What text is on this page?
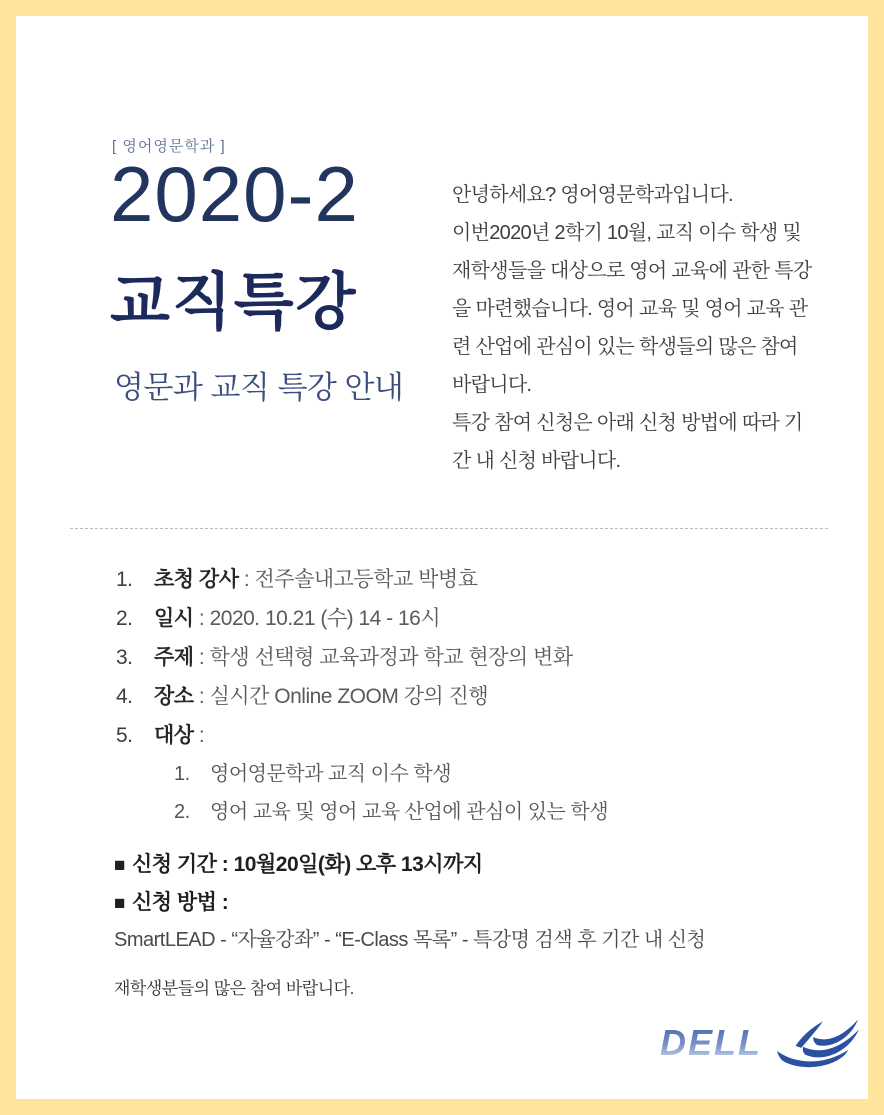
[ 영어영문학과 ]
2020-2
교직특강
영문과 교직 특강 안내
안녕하세요? 영어영문학과입니다.
이번2020년 2학기 10월, 교직 이수 학생 및
재학생들을 대상으로 영어 교육에 관한 특강
을 마련했습니다. 영어 교육 및 영어 교육 관
련 산업에 관심이 있는 학생들의 많은 참여
바랍니다.
특강 참여 신청은 아래 신청 방법에 따라 기
간 내 신청 바랍니다.
1.	초청 강사 : 전주솔내고등학교 박병효
2.	일시 : 2020. 10.21 (수) 14 - 16시
3.	주제 : 학생 선택형 교육과정과 학교 현장의 변화
4.	장소 : 실시간 Online ZOOM 강의 진행
5.	대상 :
1.	영어영문학과 교직 이수 학생
2.	영어 교육 및 영어 교육 산업에 관심이 있는 학생
■ 신청 기간 : 10월20일(화) 오후 13시까지
■ 신청 방법 :
SmartLEAD - “자율강좌” - “E-Class 목록” - 특강명 검색 후 기간 내 신청
재학생분들의 많은 참여 바랍니다.
DELL
